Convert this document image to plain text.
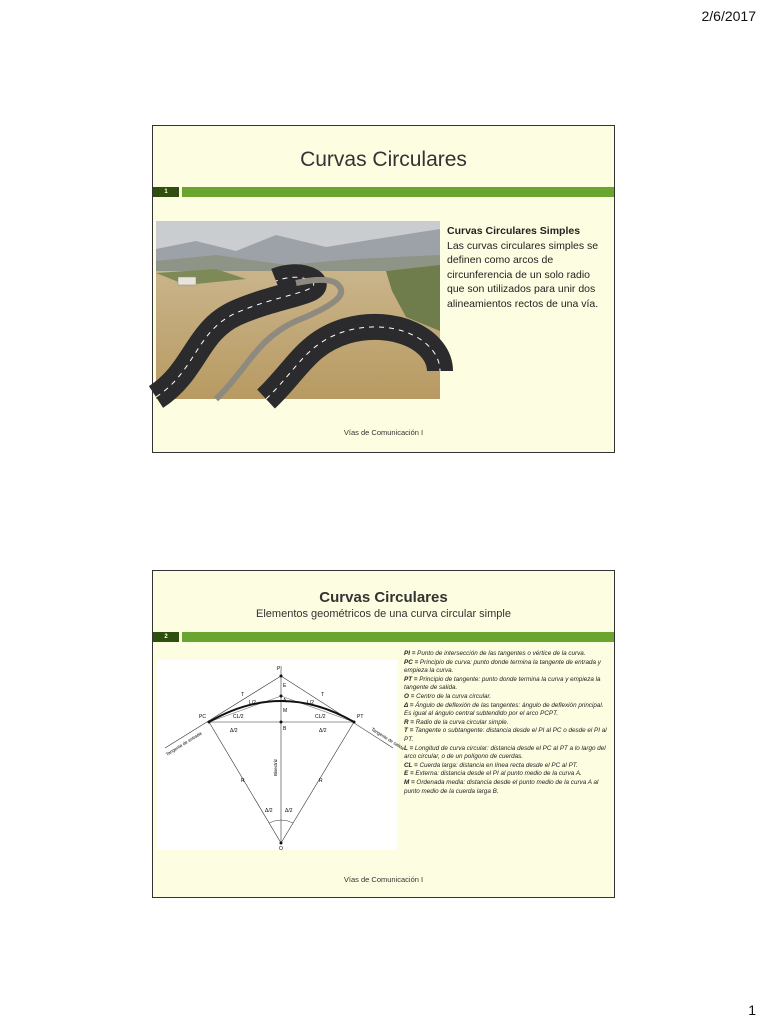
2/6/2017
Curvas Circulares
1
Curvas Circulares Simples
Las curvas circulares simples se definen como arcos de circunferencia de un solo radio que son utilizados para unir dos alineamientos rectos de una vía.
Vías de Comunicación I
Curvas Circulares
Elementos geométricos de una curva circular simple
2
PI
E
A
M
B
PC	PT
O
T	T
L/2	L/2
CL/2	CL/2
Δ/2	Δ/2
Δ/2 Δ/2
R	R
Tangente de entrada	Tangente de salida
Bisectriz
PI = Punto de intersección de las tangentes o vértice de la curva.
PC = Principio de curva: punto donde termina la tangente de entrada y empieza la curva.
PT = Principio de tangente: punto donde termina la curva y empieza la tangente de salida.
O = Centro de la curva circular.
Δ = Ángulo de deflexión de las tangentes: ángulo de deflexión principal.
Es igual al ángulo central subtendido por el arco PCPT.
R = Radio de la curva circular simple.
T = Tangente o subtangente: distancia desde el PI al PC o desde el PI al PT.
L = Longitud de curva circular: distancia desde el PC al PT a lo largo del arco circular, o de un polígono de cuerdas.
CL = Cuerda larga: distancia en línea recta desde el PC al PT.
E = Externa: distancia desde el PI al punto medio de la curva A.
M = Ordenada media: distancia desde el punto medio de la curva A al punto medio de la cuerda larga B.
Vías de Comunicación I
1
